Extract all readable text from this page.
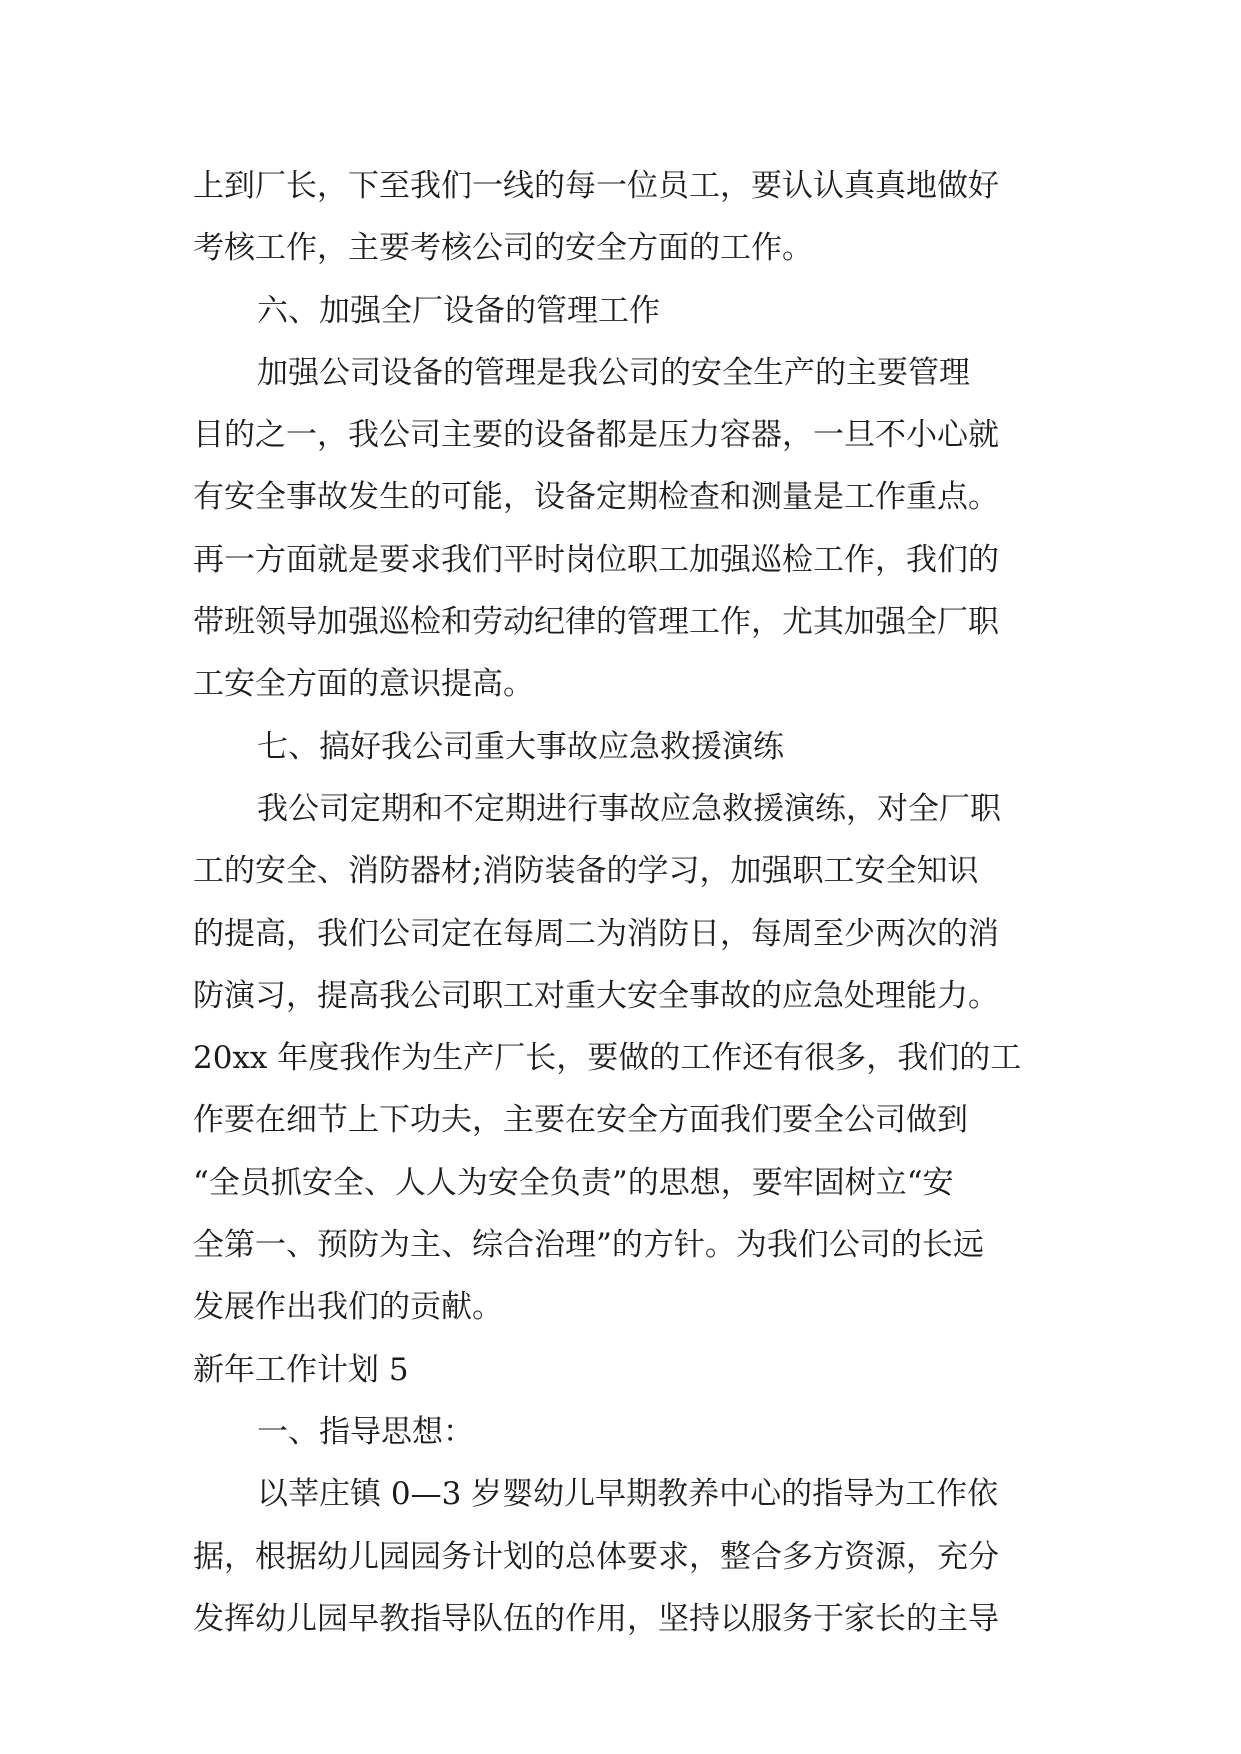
上到厂长，下至我们一线的每一位员工，要认认真真地做好

考核工作，主要考核公司的安全方面的工作。

六、加强全厂设备的管理工作

加强公司设备的管理是我公司的安全生产的主要管理

目的之一，我公司主要的设备都是压力容器，一旦不小心就

有安全事故发生的可能，设备定期检查和测量是工作重点。

再一方面就是要求我们平时岗位职工加强巡检工作，我们的

带班领导加强巡检和劳动纪律的管理工作，尤其加强全厂职

工安全方面的意识提高。

七、搞好我公司重大事故应急救援演练

我公司定期和不定期进行事故应急救援演练，对全厂职

工的安全、消防器材;消防装备的学习，加强职工安全知识

的提高，我们公司定在每周二为消防日，每周至少两次的消

防演习，提高我公司职工对重大安全事故的应急处理能力。

20xx 年度我作为生产厂长，要做的工作还有很多，我们的工

作要在细节上下功夫，主要在安全方面我们要全公司做到

“全员抓安全、人人为安全负责”的思想，要牢固树立“安

全第一、预防为主、综合治理”的方针。为我们公司的长远

发展作出我们的贡献。

新年工作计划 5

一、指导思想：

以莘庄镇 0—3 岁婴幼儿早期教养中心的指导为工作依

据，根据幼儿园园务计划的总体要求，整合多方资源，充分

发挥幼儿园早教指导队伍的作用，坚持以服务于家长的主导
